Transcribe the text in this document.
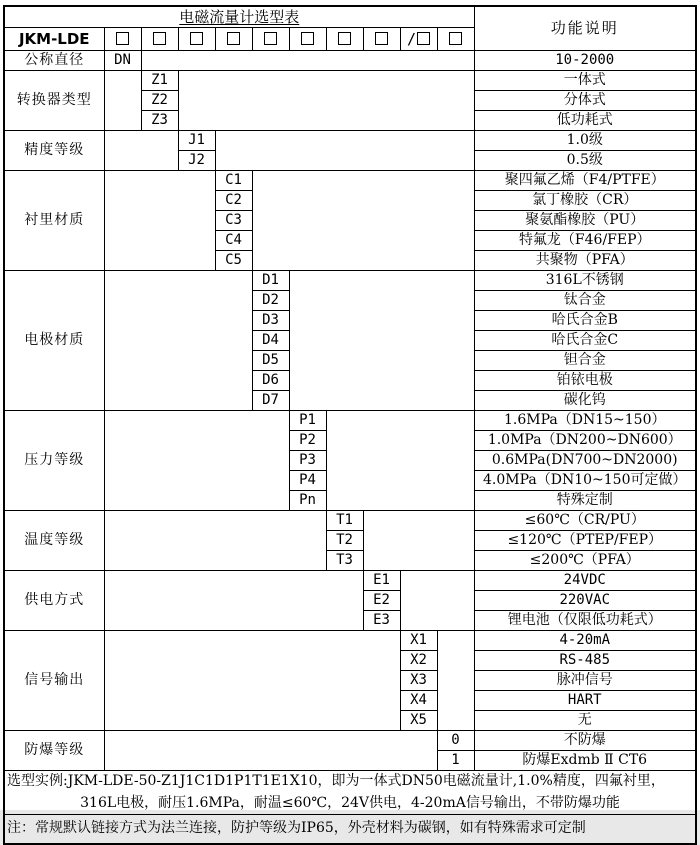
电磁流量计选型表											功能说明
JKM-LDE									/		
公称直径	DN										10-2000
转换器类型		Z1									一体式
		Z2									分体式
		Z3									低功耗式
精度等级			J1								1.0级
			J2								0.5级
衬里材质				C1							聚四氟乙烯（F4/PTFE）
				C2							氯丁橡胶（CR）
				C3							聚氨酯橡胶（PU）
				C4							特氟龙（F46/FEP）
				C5							共聚物（PFA）
电极材质					D1						316L不锈钢
					D2						钛合金
					D3						哈氏合金B
					D4						哈氏合金C
					D5						钽合金
					D6						铂铱电极
					D7						碳化钨
压力等级						P1					1.6MPa（DN15~150）
						P2					1.0MPa（DN200~DN600）
						P3					0.6MPa(DN700~DN2000)
						P4					4.0MPa（DN10~150可定做）
						Pn					特殊定制
温度等级							T1				≤60℃（CR/PU）
							T2				≤120℃（PTEP/FEP）
							T3				≤200℃（PFA）
供电方式								E1			24VDC
								E2			220VAC
								E3			锂电池（仅限低功耗式）
信号输出									X1		4-20mA
									X2		RS-485
									X3		脉冲信号
									X4		HART
									X5		无
防爆等级										0	不防爆
										1	防爆Exdmb Ⅱ CT6

选型实例:JKM-LDE-50-Z1J1C1D1P1T1E1X10，即为一体式DN50电磁流量计,1.0%精度，四氟衬里，
316L电极，耐压1.6MPa，耐温≤60℃，24V供电，4-20mA信号输出，不带防爆功能											

注：常规默认链接方式为法兰连接，防护等级为IP65，外壳材料为碳钢，如有特殊需求可定制											
